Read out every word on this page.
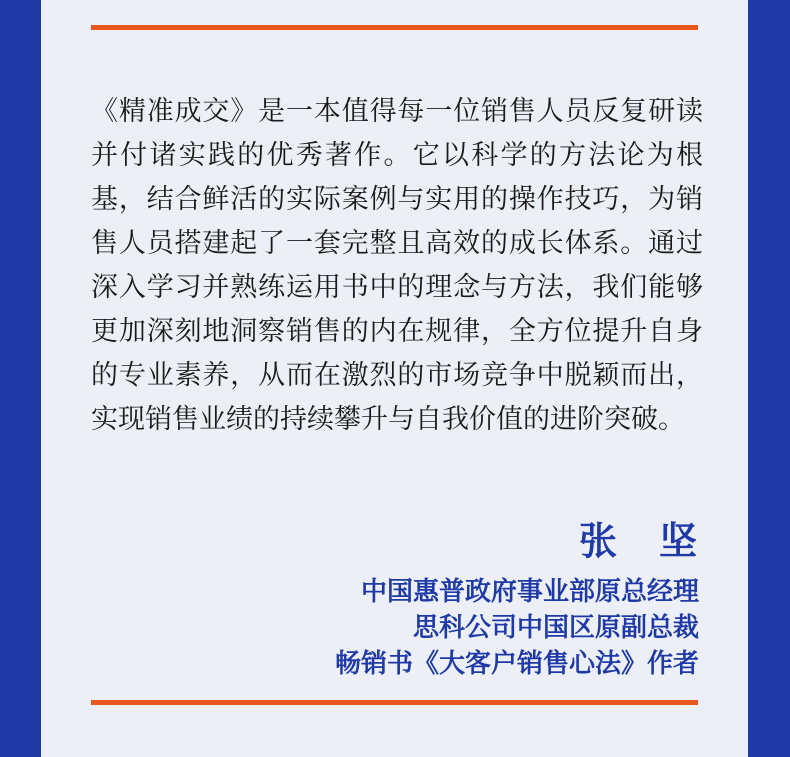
《精准成交》是一本值得每一位销售人员反复研读并付诸实践的优秀著作。它以科学的方法论为根基，结合鲜活的实际案例与实用的操作技巧，为销售人员搭建起了一套完整且高效的成长体系。通过深入学习并熟练运用书中的理念与方法，我们能够更加深刻地洞察销售的内在规律，全方位提升自身的专业素养，从而在激烈的市场竞争中脱颖而出，实现销售业绩的持续攀升与自我价值的进阶突破。

张　坚
中国惠普政府事业部原总经理
思科公司中国区原副总裁
畅销书《大客户销售心法》作者
